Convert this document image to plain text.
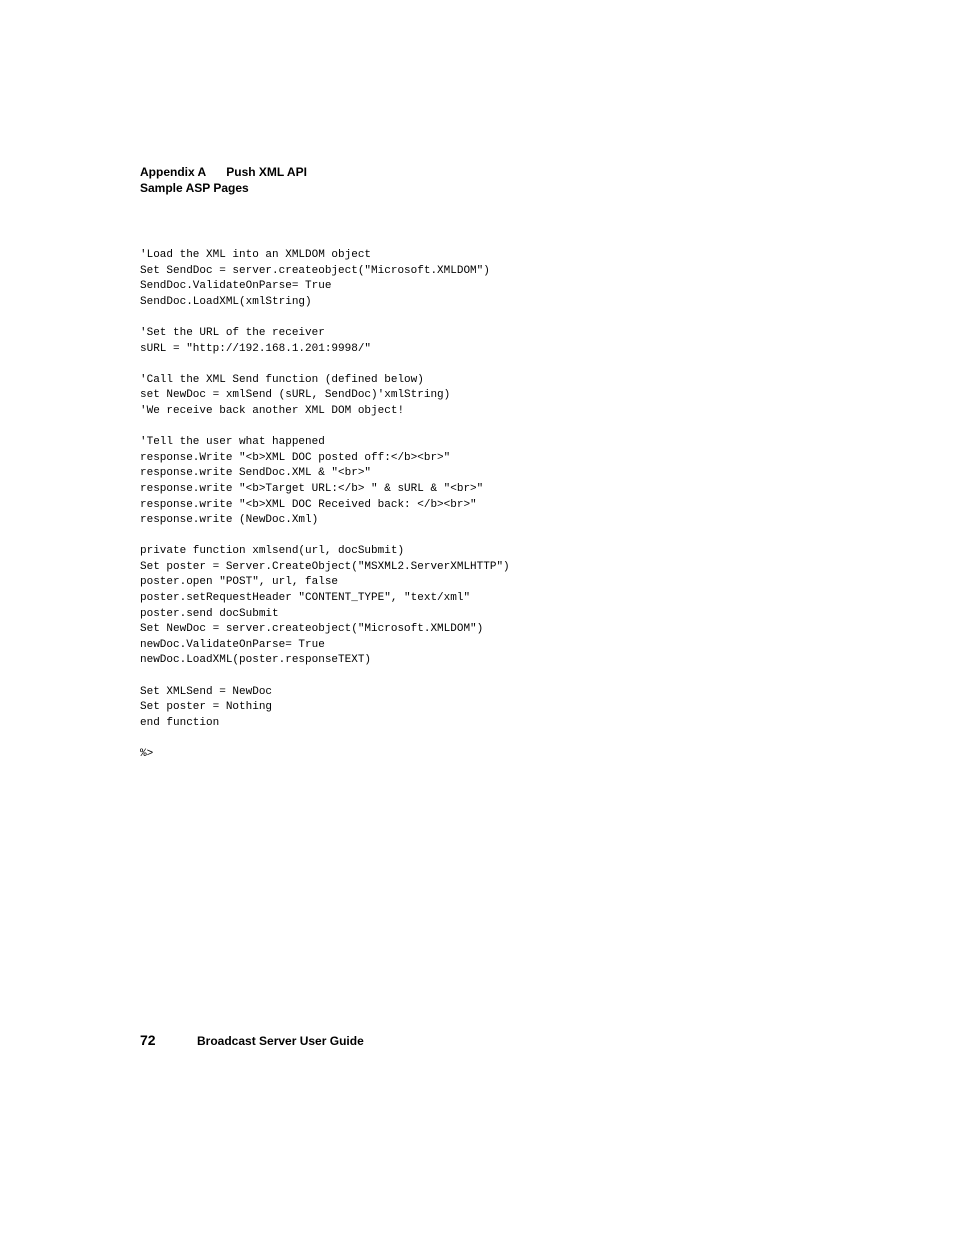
Appendix A Push XML API
Sample ASP Pages
'Load the XML into an XMLDOM object
Set SendDoc = server.createobject("Microsoft.XMLDOM")
SendDoc.ValidateOnParse= True
SendDoc.LoadXML(xmlString)

'Set the URL of the receiver
sURL = "http://192.168.1.201:9998/"

'Call the XML Send function (defined below)
set NewDoc = xmlSend (sURL, SendDoc)'xmlString)
'We receive back another XML DOM object!

'Tell the user what happened
response.Write "<b>XML DOC posted off:</b><br>"
response.write SendDoc.XML & "<br>"
response.write "<b>Target URL:</b> " & sURL & "<br>"
response.write "<b>XML DOC Received back: </b><br>"
response.write (NewDoc.Xml)

private function xmlsend(url, docSubmit)
Set poster = Server.CreateObject("MSXML2.ServerXMLHTTP")
poster.open "POST", url, false
poster.setRequestHeader "CONTENT_TYPE", "text/xml"
poster.send docSubmit
Set NewDoc = server.createobject("Microsoft.XMLDOM")
newDoc.ValidateOnParse= True
newDoc.LoadXML(poster.responseTEXT)

Set XMLSend = NewDoc
Set poster = Nothing
end function

%>
72	Broadcast Server User Guide
